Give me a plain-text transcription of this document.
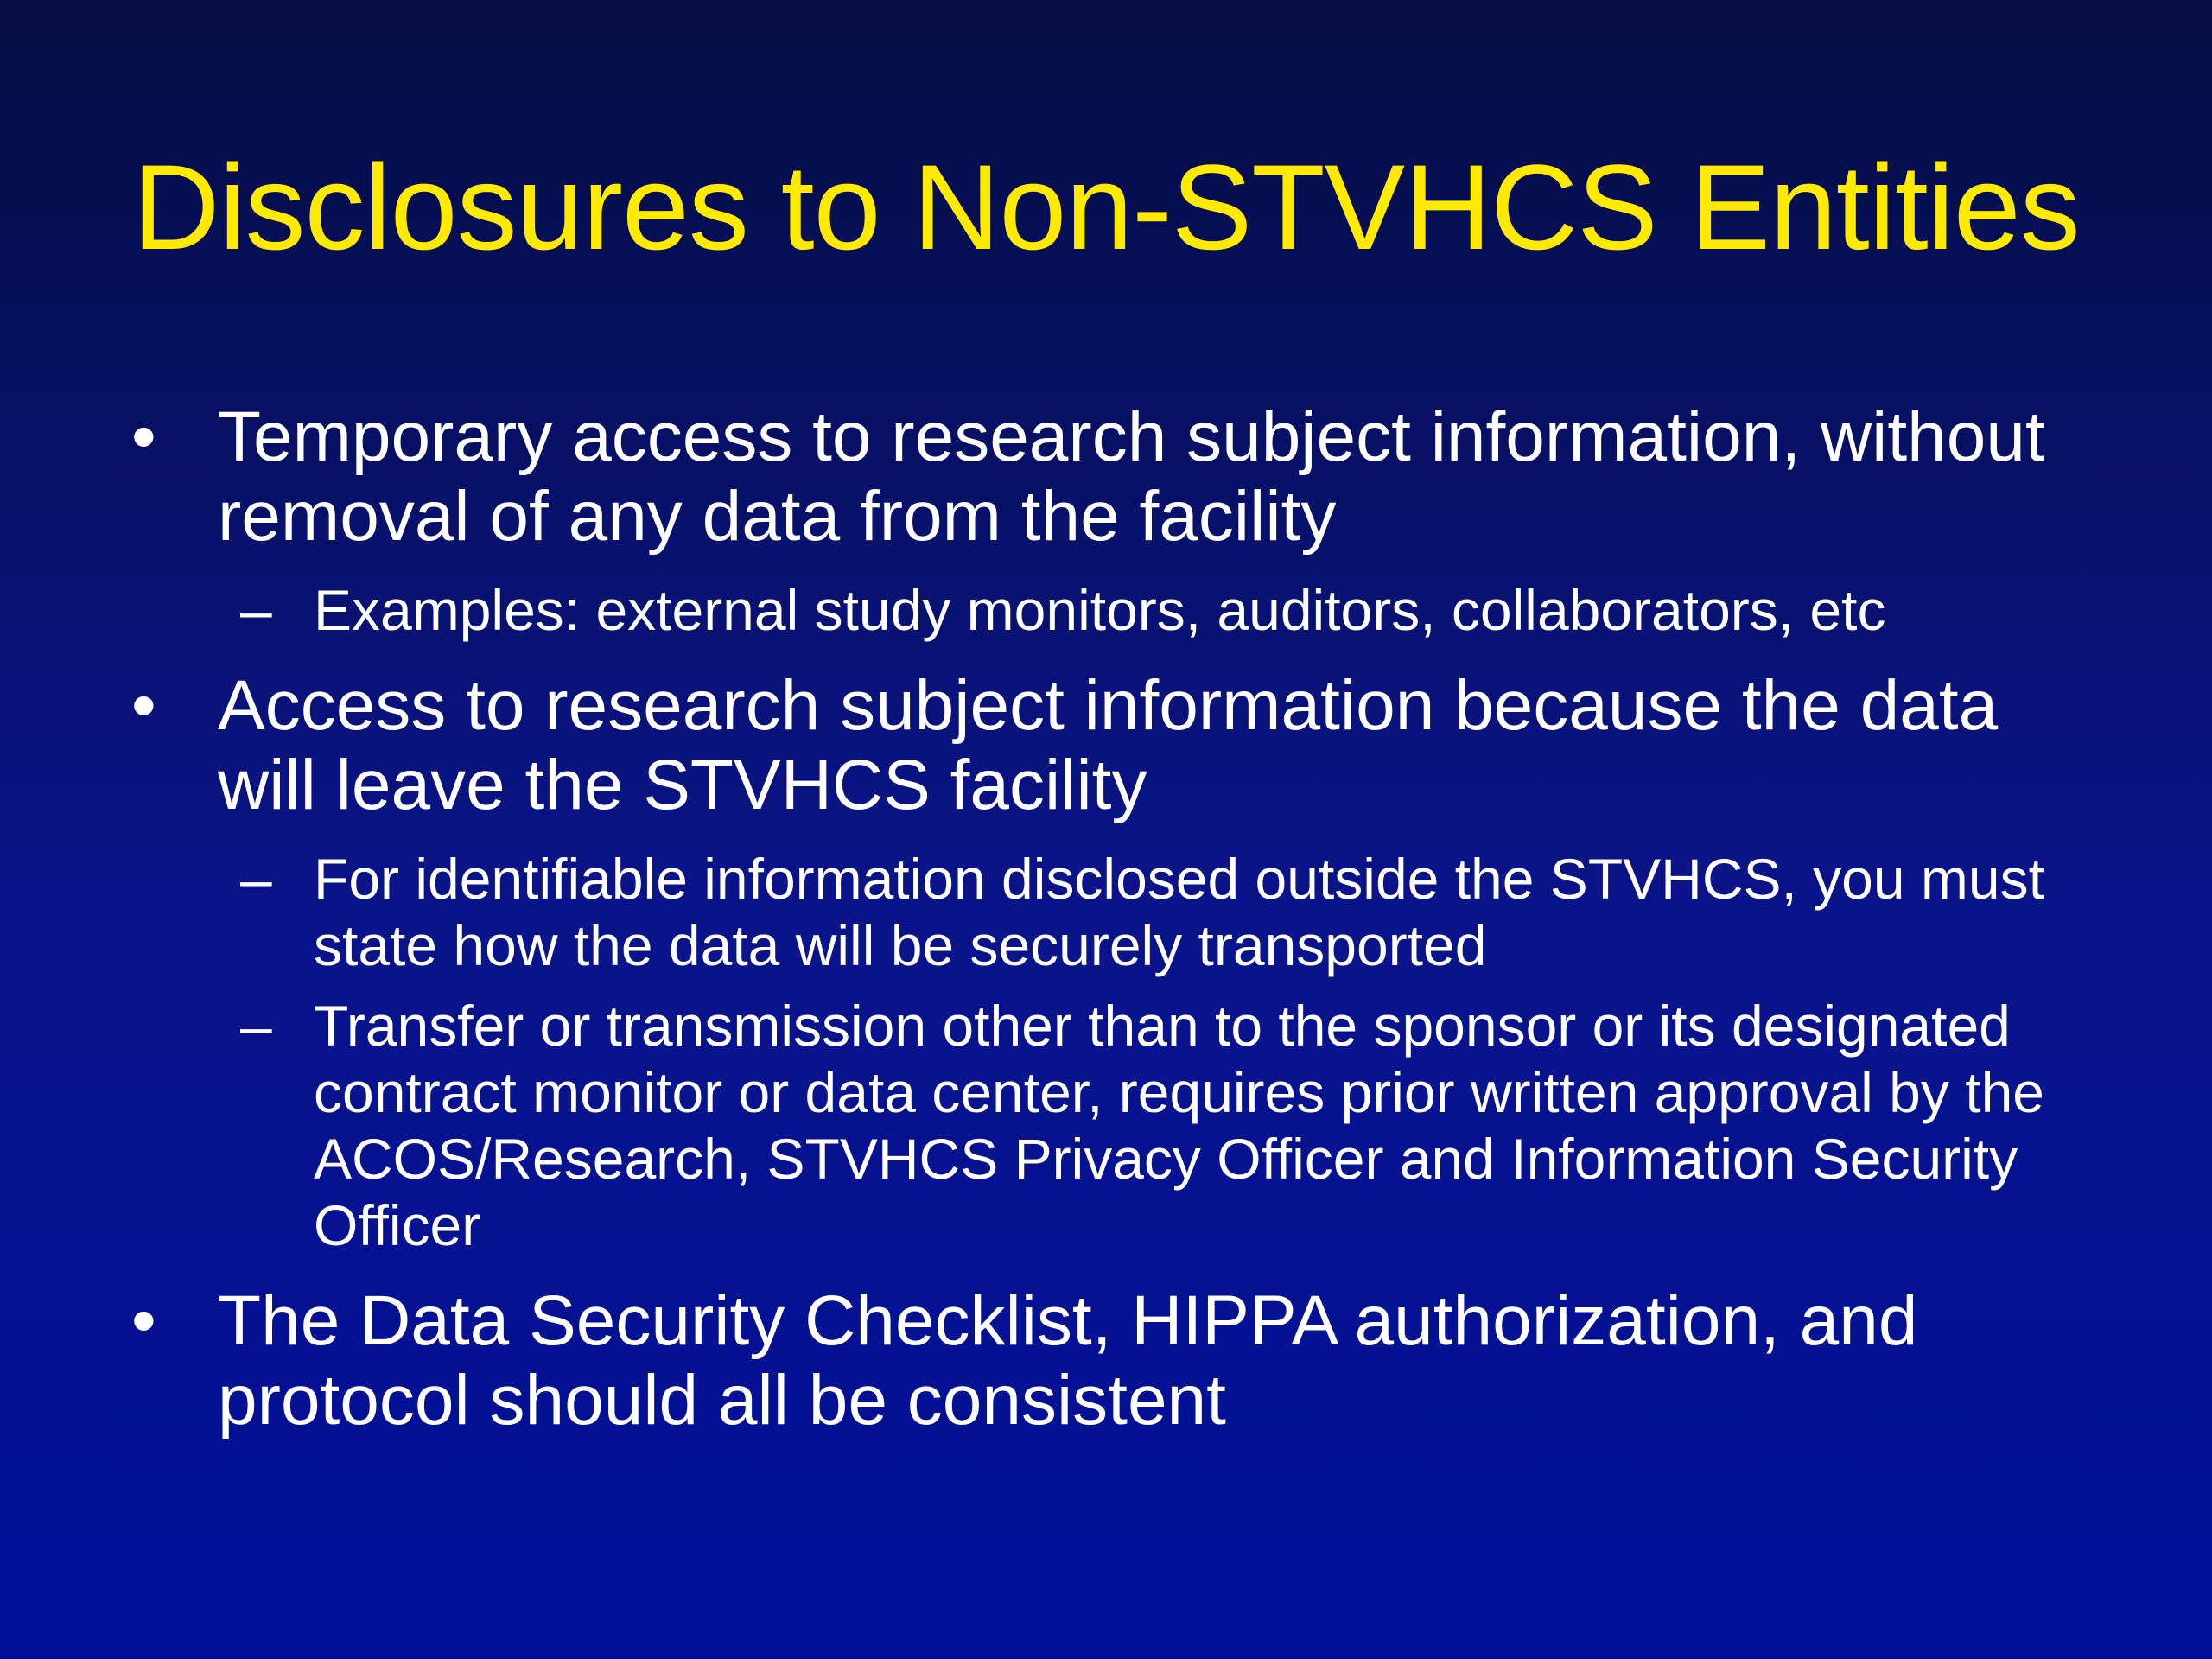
Disclosures to Non-STVHCS Entities
• Temporary access to research subject information, without removal of any data from the facility
– Examples: external study monitors, auditors, collaborators, etc
• Access to research subject information because the data will leave the STVHCS facility
– For identifiable information disclosed outside the STVHCS, you must state how the data will be securely transported
– Transfer or transmission other than to the sponsor or its designated contract monitor or data center, requires prior written approval by the ACOS/Research, STVHCS Privacy Officer and Information Security Officer
• The Data Security Checklist, HIPPA authorization, and protocol should all be consistent
